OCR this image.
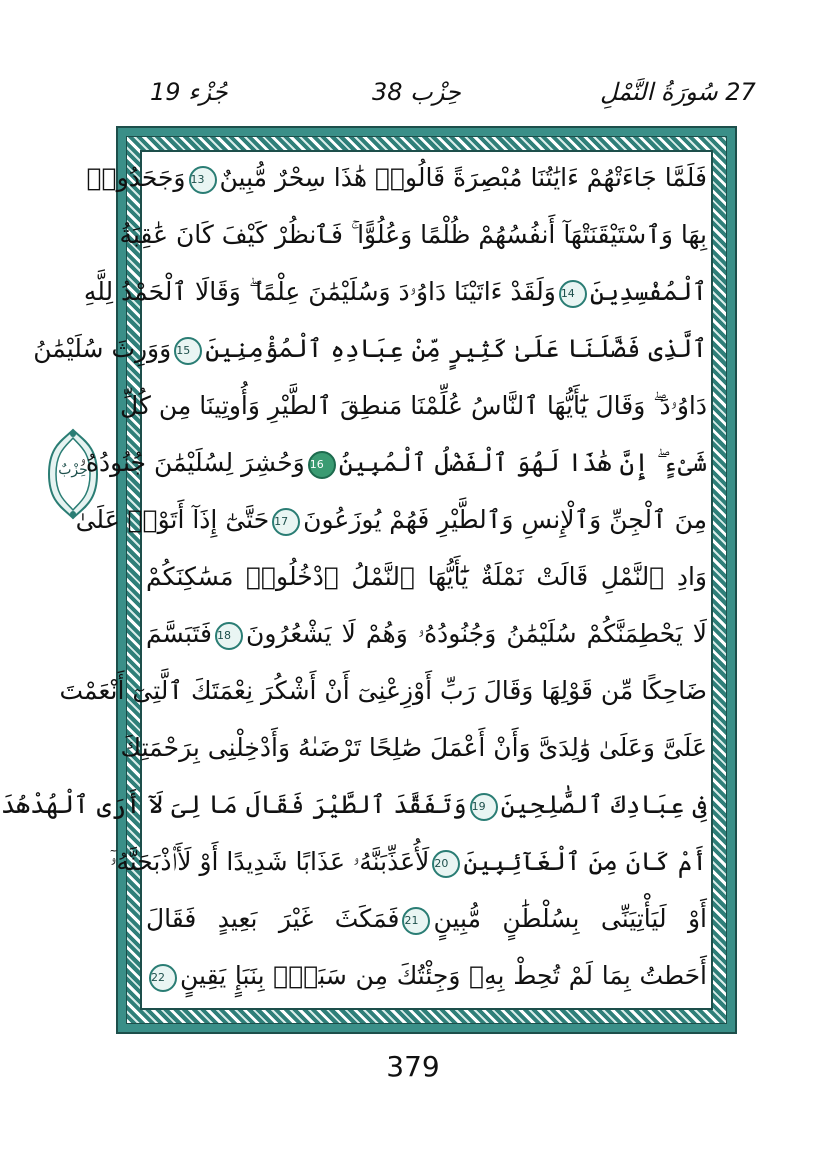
جُزْء 19	حِزْب 38	27 سُورَةُ النَّمْلِ
حِزْبٌ
فَلَمَّا جَاءَتْهُمْ ءَايَٰتُنَا مُبْصِرَةً قَالُوا۟ هَٰذَا سِحْرٌ مُّبِينٌ13وَجَحَدُوا۟
بِهَا وَٱسْتَيْقَنَتْهَآ أَنفُسُهُمْ ظُلْمًا وَعُلُوًّا ۚ فَٱنظُرْ كَيْفَ كَانَ عَٰقِبَةُ
ٱلْمُفْسِدِينَ14وَلَقَدْ ءَاتَيْنَا دَاوُۥدَ وَسُلَيْمَٰنَ عِلْمًا ۖ وَقَالَا ٱلْحَمْدُ لِلَّهِ
ٱلَّذِى فَضَّلَنَا عَلَىٰ كَثِيرٍ مِّنْ عِبَادِهِ ٱلْمُؤْمِنِينَ15وَوَرِثَ سُلَيْمَٰنُ
دَاوُۥدَ ۖ وَقَالَ يَٰٓأَيُّهَا ٱلنَّاسُ عُلِّمْنَا مَنطِقَ ٱلطَّيْرِ وَأُوتِينَا مِن كُلِّ
شَىْءٍ ۖ إِنَّ هَٰذَا لَهُوَ ٱلْفَضْلُ ٱلْمُبِينُ16وَحُشِرَ لِسُلَيْمَٰنَ جُنُودُهُۥ
مِنَ ٱلْجِنِّ وَٱلْإِنسِ وَٱلطَّيْرِ فَهُمْ يُوزَعُونَ17حَتَّىٰٓ إِذَآ أَتَوْا۟ عَلَىٰ
وَادِ ٱلنَّمْلِ قَالَتْ نَمْلَةٌ يَٰٓأَيُّهَا ٱلنَّمْلُ ٱدْخُلُوا۟ مَسَٰكِنَكُمْ
لَا يَحْطِمَنَّكُمْ سُلَيْمَٰنُ وَجُنُودُهُۥ وَهُمْ لَا يَشْعُرُونَ18فَتَبَسَّمَ
ضَاحِكًا مِّن قَوْلِهَا وَقَالَ رَبِّ أَوْزِعْنِىٓ أَنْ أَشْكُرَ نِعْمَتَكَ ٱلَّتِىٓ أَنْعَمْتَ
عَلَىَّ وَعَلَىٰ وَٰلِدَىَّ وَأَنْ أَعْمَلَ صَٰلِحًا تَرْضَىٰهُ وَأَدْخِلْنِى بِرَحْمَتِكَ
فِى عِبَادِكَ ٱلصَّٰلِحِينَ19وَتَفَقَّدَ ٱلطَّيْرَ فَقَالَ مَا لِىَ لَآ أَرَى ٱلْهُدْهُدَ
أَمْ كَانَ مِنَ ٱلْغَآئِبِينَ20لَأُعَذِّبَنَّهُۥ عَذَابًا شَدِيدًا أَوْ لَأَا۟ذْبَحَنَّهُۥٓ
أَوْ لَيَأْتِيَنِّى بِسُلْطَٰنٍ مُّبِينٍ21فَمَكَثَ غَيْرَ بَعِيدٍ فَقَالَ
أَحَطتُ بِمَا لَمْ تُحِطْ بِهِۦ وَجِئْتُكَ مِن سَبَإٍۭ بِنَبَإٍ يَقِينٍ22
379
